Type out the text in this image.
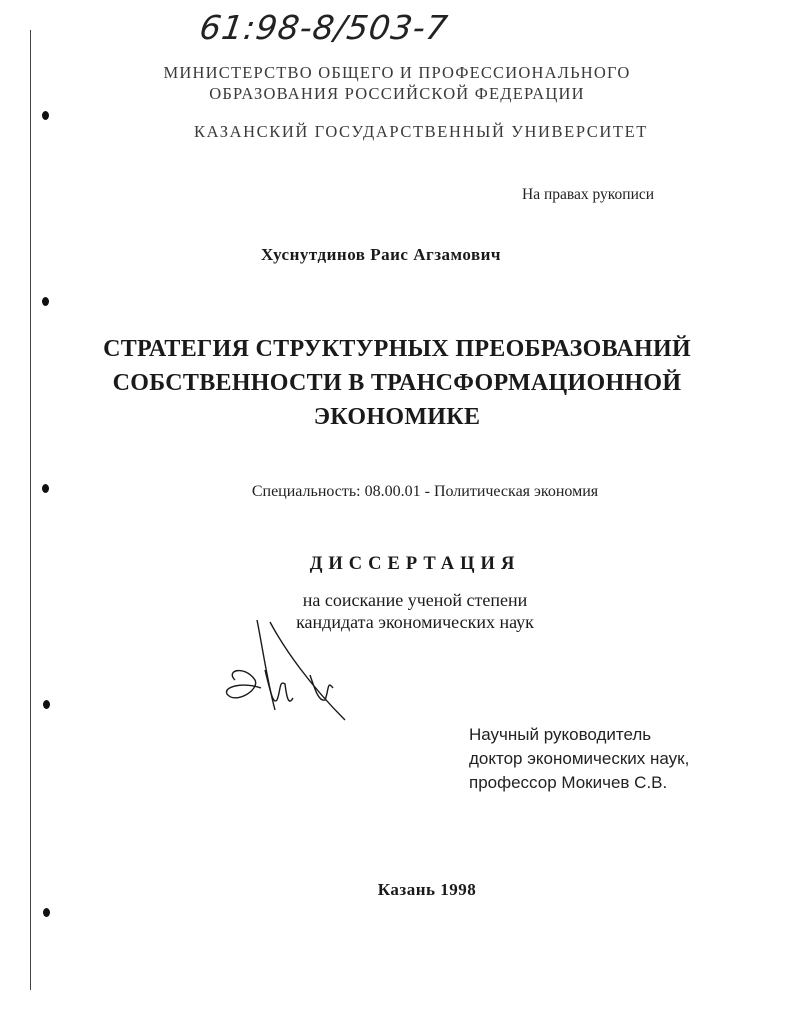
61:98-8/503-7
МИНИСТЕРСТВО ОБЩЕГО И ПРОФЕССИОНАЛЬНОГО
ОБРАЗОВАНИЯ РОССИЙСКОЙ ФЕДЕРАЦИИ
КАЗАНСКИЙ ГОСУДАРСТВЕННЫЙ УНИВЕРСИТЕТ
На правах рукописи
Хуснутдинов Раис Агзамович
СТРАТЕГИЯ СТРУКТУРНЫХ ПРЕОБРАЗОВАНИЙ
СОБСТВЕННОСТИ В ТРАНСФОРМАЦИОННОЙ
ЭКОНОМИКЕ
Специальность: 08.00.01 - Политическая экономия
ДИССЕРТАЦИЯ
на соискание ученой степени
кандидата экономических наук
Научный руководитель
доктор экономических наук,
профессор Мокичев С.В.
Казань 1998
